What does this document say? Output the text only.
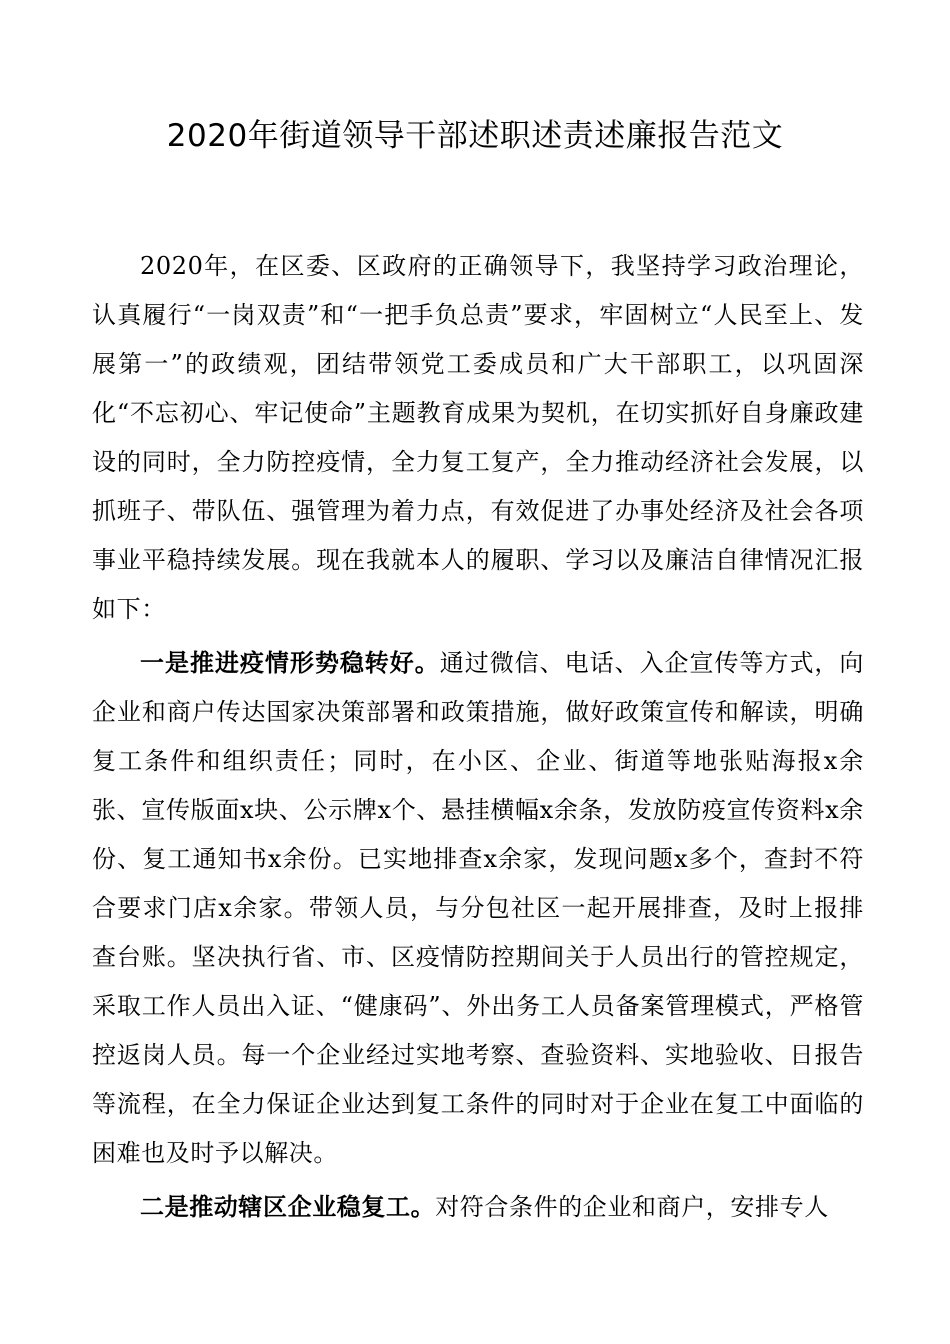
2020年街道领导干部述职述责述廉报告范文

2020年，在区委、区政府的正确领导下，我坚持学习政治理论，认真履行“一岗双责”和“一把手负总责”要求，牢固树立“人民至上、发展第一”的政绩观，团结带领党工委成员和广大干部职工，以巩固深化“不忘初心、牢记使命”主题教育成果为契机，在切实抓好自身廉政建设的同时，全力防控疫情，全力复工复产，全力推动经济社会发展，以抓班子、带队伍、强管理为着力点，有效促进了办事处经济及社会各项事业平稳持续发展。现在我就本人的履职、学习以及廉洁自律情况汇报如下：

一是推进疫情形势稳转好。通过微信、电话、入企宣传等方式，向企业和商户传达国家决策部署和政策措施，做好政策宣传和解读，明确复工条件和组织责任；同时，在小区、企业、街道等地张贴海报x余张、宣传版面x块、公示牌x个、悬挂横幅x余条，发放防疫宣传资料x余份、复工通知书x余份。已实地排查x余家，发现问题x多个，查封不符合要求门店x余家。带领人员，与分包社区一起开展排查，及时上报排查台账。坚决执行省、市、区疫情防控期间关于人员出行的管控规定，采取工作人员出入证、“健康码”、外出务工人员备案管理模式，严格管控返岗人员。每一个企业经过实地考察、查验资料、实地验收、日报告等流程，在全力保证企业达到复工条件的同时对于企业在复工中面临的困难也及时予以解决。

二是推动辖区企业稳复工。对符合条件的企业和商户，安排专人
